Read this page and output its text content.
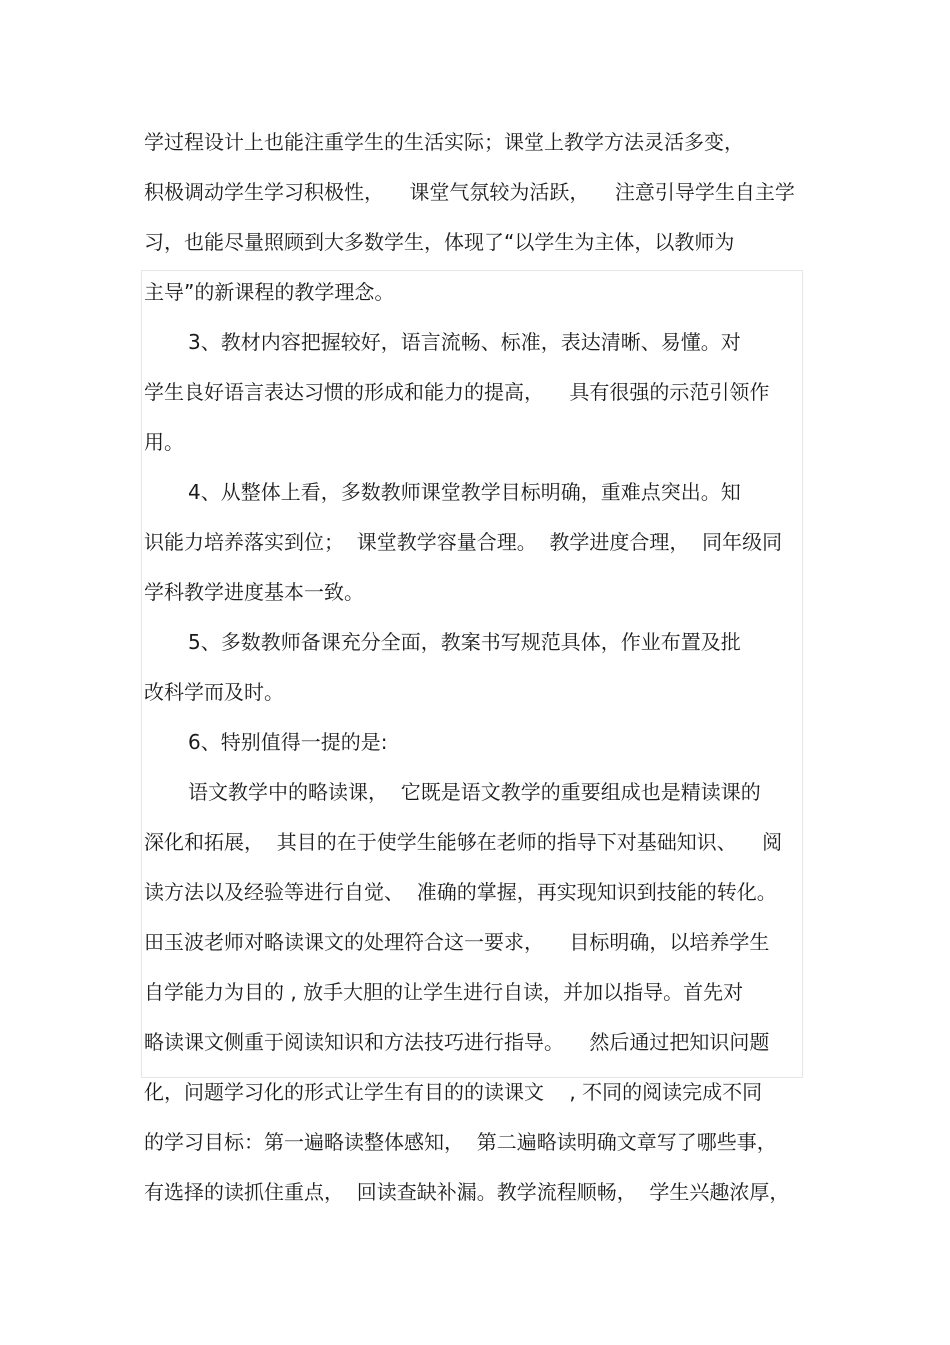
学过程设计上也能注重学生的生活实际；课堂上教学方法灵活多变，
积极调动学生学习积极性，    课堂气氛较为活跃，    注意引导学生自主学
习，也能尽量照顾到大多数学生，体现了“以学生为主体，以教师为
主导”的新课程的教学理念。
3、教材内容把握较好，语言流畅、标准，表达清晰、易懂。对
学生良好语言表达习惯的形成和能力的提高，    具有很强的示范引领作
用。
4、从整体上看，多数教师课堂教学目标明确，重难点突出。知
识能力培养落实到位；  课堂教学容量合理。  教学进度合理，  同年级同
学科教学进度基本一致。
5、多数教师备课充分全面，教案书写规范具体，作业布置及批
改科学而及时。
6、特别值得一提的是:
语文教学中的略读课，  它既是语文教学的重要组成也是精读课的
深化和拓展，  其目的在于使学生能够在老师的指导下对基础知识、    阅
读方法以及经验等进行自觉、  准确的掌握，再实现知识到技能的转化。
田玉波老师对略读课文的处理符合这一要求，    目标明确，以培养学生
自学能力为目的 , 放手大胆的让学生进行自读，并加以指导。首先对
略读课文侧重于阅读知识和方法技巧进行指导。    然后通过把知识问题
化，问题学习化的形式让学生有目的的读课文    , 不同的阅读完成不同
的学习目标：第一遍略读整体感知，  第二遍略读明确文章写了哪些事，
有选择的读抓住重点，  回读查缺补漏。教学流程顺畅，  学生兴趣浓厚，
